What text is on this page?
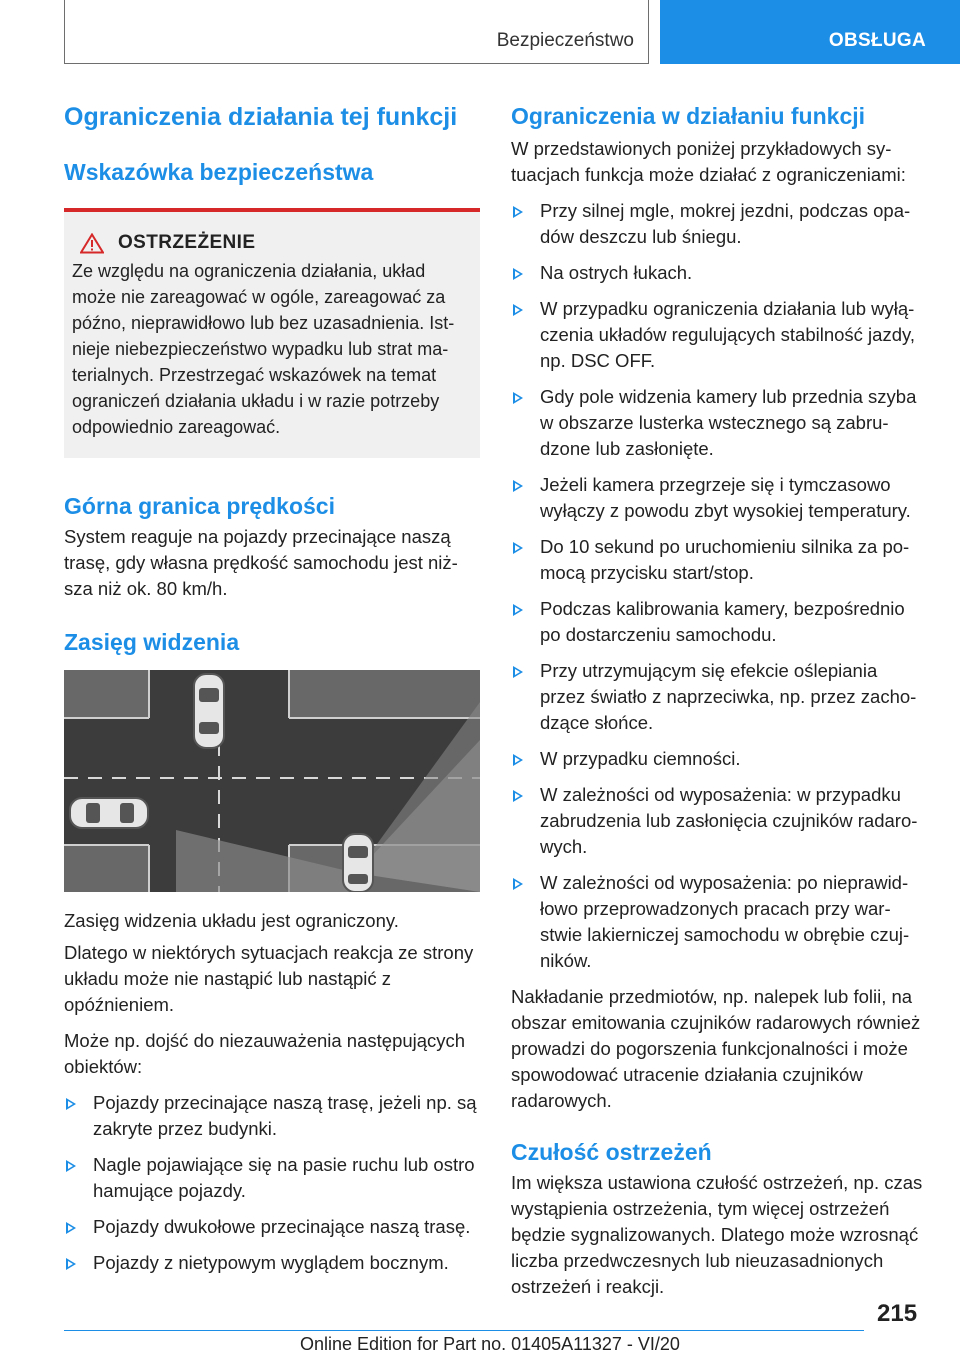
Bezpieczeństwo	OBSŁUGA
Ograniczenia działania tej funkcji
Wskazówka bezpieczeństwa
OSTRZEŻENIE

Ze względu na ograniczenia działania, układ może nie zareagować w ogóle, zareagować za późno, nieprawidłowo lub bez uzasadnienia. Istnieje niebezpieczeństwo wypadku lub strat materialnych. Przestrzegać wskazówek na temat ograniczeń działania układu i w razie potrzeby odpowiednio zareagować.

Górna granica prędkości

System reaguje na pojazdy przecinające naszą trasę, gdy własna prędkość samochodu jest niższa niż ok. 80 km/h.

Zasięg widzenia

Zasięg widzenia układu jest ograniczony.

Dlatego w niektórych sytuacjach reakcja ze strony układu może nie nastąpić lub nastąpić z opóźnieniem.

Może np. dojść do niezauważenia następujących obiektów:

Pojazdy przecinające naszą trasę, jeżeli np. są zakryte przez budynki.
Nagle pojawiające się na pasie ruchu lub ostro hamujące pojazdy.
Pojazdy dwukołowe przecinające naszą trasę.
Pojazdy z nietypowym wyglądem bocznym.
Ograniczenia w działaniu funkcji

W przedstawionych poniżej przykładowych sytuacjach funkcja może działać z ograniczeniami:

Przy silnej mgle, mokrej jezdni, podczas opadów deszczu lub śniegu.
Na ostrych łukach.
W przypadku ograniczenia działania lub wyłączenia układów regulujących stabilność jazdy, np. DSC OFF.
Gdy pole widzenia kamery lub przednia szyba w obszarze lusterka wstecznego są zabrudzone lub zasłonięte.
Jeżeli kamera przegrzeje się i tymczasowo wyłączy z powodu zbyt wysokiej temperatury.
Do 10 sekund po uruchomieniu silnika za pomocą przycisku start/stop.
Podczas kalibrowania kamery, bezpośrednio po dostarczeniu samochodu.
Przy utrzymującym się efekcie oślepiania przez światło z naprzeciwka, np. przez zachodzące słońce.
W przypadku ciemności.
W zależności od wyposażenia: w przypadku zabrudzenia lub zasłonięcia czujników radarowych.
W zależności od wyposażenia: po nieprawidłowo przeprowadzonych pracach przy warstwie lakierniczej samochodu w obrębie czujników.

Nakładanie przedmiotów, np. nalepek lub folii, na obszar emitowania czujników radarowych również prowadzi do pogorszenia funkcjonalności i może spowodować utracenie działania czujników radarowych.

Czułość ostrzeżeń

Im większa ustawiona czułość ostrzeżeń, np. czas wystąpienia ostrzeżenia, tym więcej ostrzeżeń będzie sygnalizowanych. Dlatego może wzrosnąć liczba przedwczesnych lub nieuzasadnionych ostrzeżeń i reakcji.

215
Online Edition for Part no. 01405A11327 - VI/20
